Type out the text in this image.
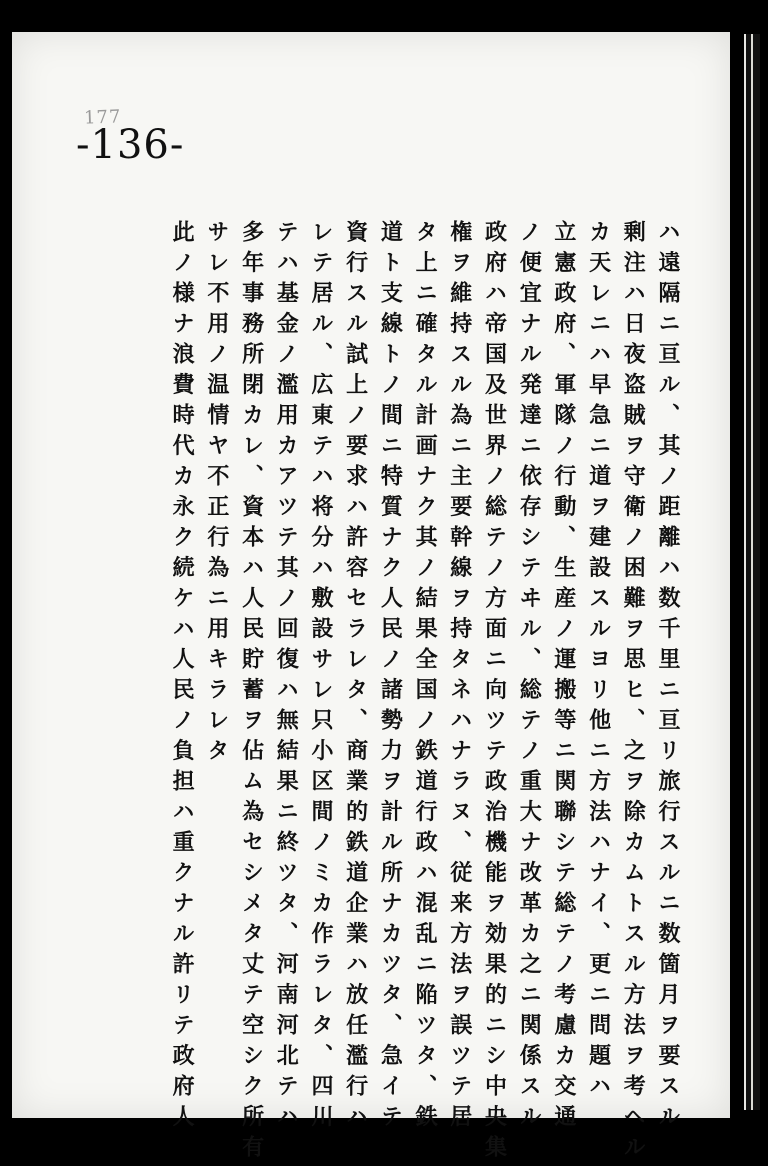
177
-136-
ハ遠隔ニ亘ル、其ノ距離ハ数千里ニ亘リ旅行スルニ数箇月ヲ要スル
剰注ハ日夜盗賊ヲ守衛ノ困難ヲ思ヒ、之ヲ除カムトスル方法ヲ考ヘル
カ天レニハ早急ニ道ヲ建設スルヨリ他ニ方法ハナイ、更ニ問題ハ
立憲政府、軍隊ノ行動、生産ノ運搬等ニ関聯シテ総テノ考慮カ交通
ノ便宜ナル発達ニ依存シテヰル、総テノ重大ナ改革カ之ニ関係スル
政府ハ帝国及世界ノ総テノ方面ニ向ツテ政治機能ヲ効果的ニシ中央集
権ヲ維持スル為ニ主要幹線ヲ持タネハナラヌ、従来方法ヲ誤ツテ居
タ上ニ確タル計画ナク其ノ結果全国ノ鉄道行政ハ混乱ニ陥ツタ、鉄
道ト支線トノ間ニ特質ナク人民ノ諸勢力ヲ計ル所ナカツタ、急イテ
資行スル試上ノ要求ハ許容セラレタ、商業的鉄道企業ハ放任濫行ハ
レテ居ル、広東テハ将分ハ敷設サレ只小区間ノミカ作ラレタ、四川
テハ基金ノ濫用カアツテ其ノ回復ハ無結果ニ終ツタ、河南河北テハ
多年事務所閉カレ、資本ハ人民貯蓄ヲ佔ム為セシメタ丈テ空シク所有
サレ不用ノ温情ヤ不正行為ニ用キラレタ
此ノ様ナ浪費時代カ永ク続ケハ人民ノ負担ハ重クナル許リテ政府人
